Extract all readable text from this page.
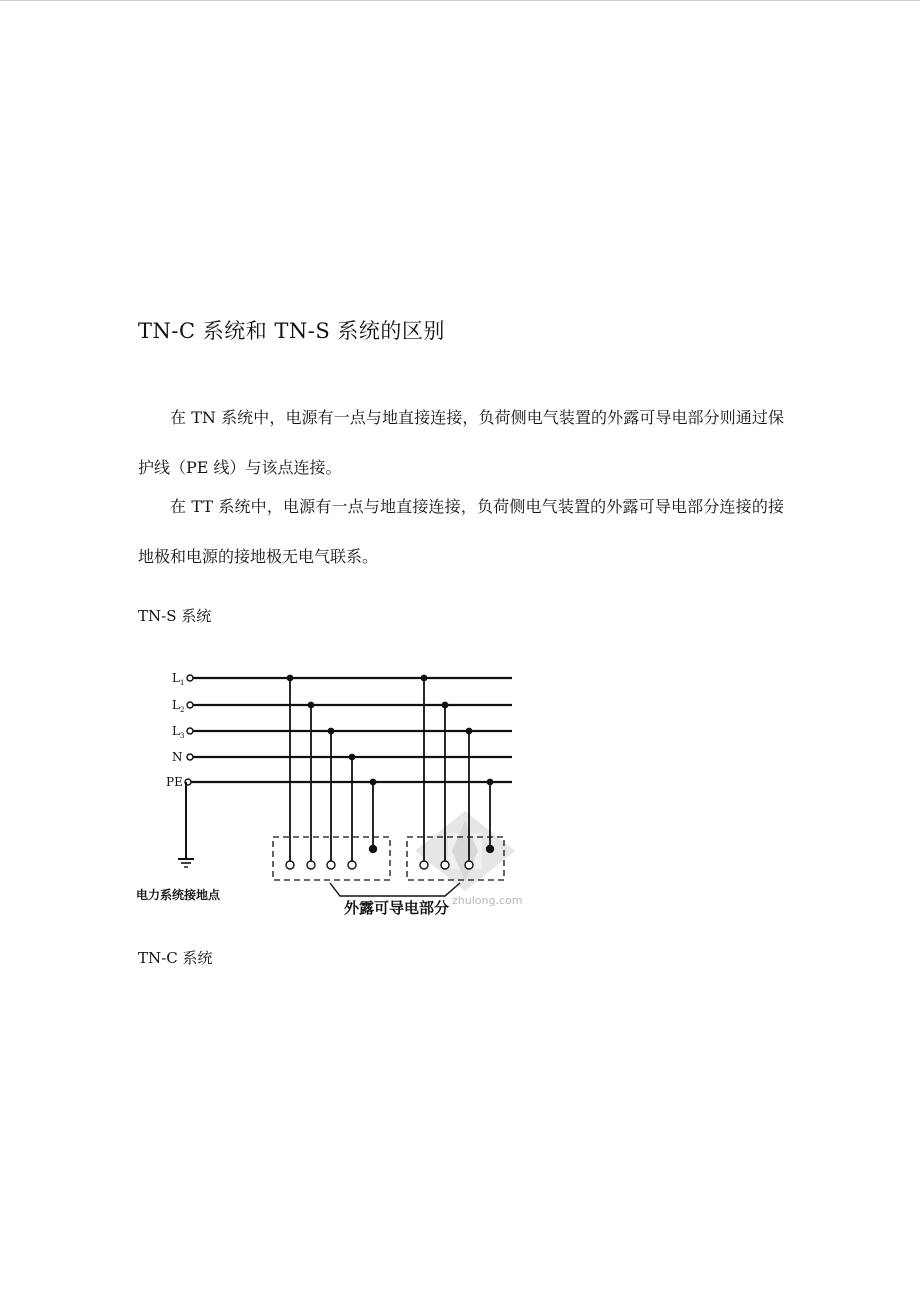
TN-C 系统和 TN-S 系统的区别
在 TN 系统中，电源有一点与地直接连接，负荷侧电气装置的外露可导电部分则通过保护线（PE 线）与该点连接。
在 TT 系统中，电源有一点与地直接连接，负荷侧电气装置的外露可导电部分连接的接地极和电源的接地极无电气联系。
TN-S 系统
$L_1$
$L_2$
$L_3$
N
PE
电力系统接地点
外露可导电部分 zhulong.com
TN-C 系统
